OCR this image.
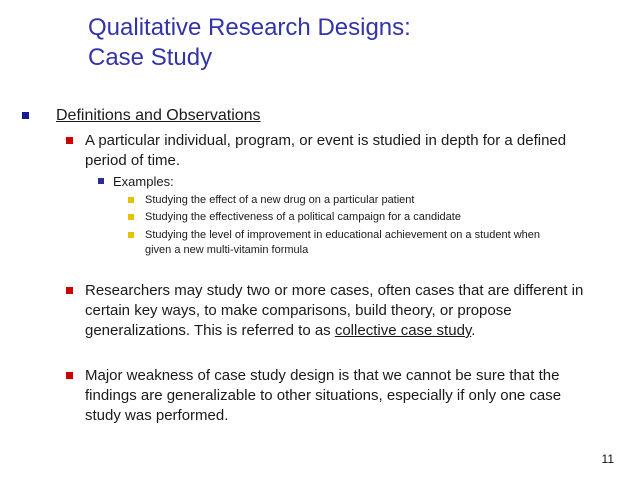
Qualitative Research Designs:
Case Study
Definitions and Observations
A particular individual, program, or event is studied in depth for a defined
period of time.
Examples:
Studying the effect of a new drug on a particular patient
Studying the effectiveness of a political campaign for a candidate
Studying the level of improvement in educational achievement on a student when
given a new multi-vitamin formula
Researchers may study two or more cases, often cases that are different in
certain key ways, to make comparisons, build theory, or propose
generalizations. This is referred to as collective case study.
Major weakness of case study design is that we cannot be sure that the
findings are generalizable to other situations, especially if only one case
study was performed.
11
